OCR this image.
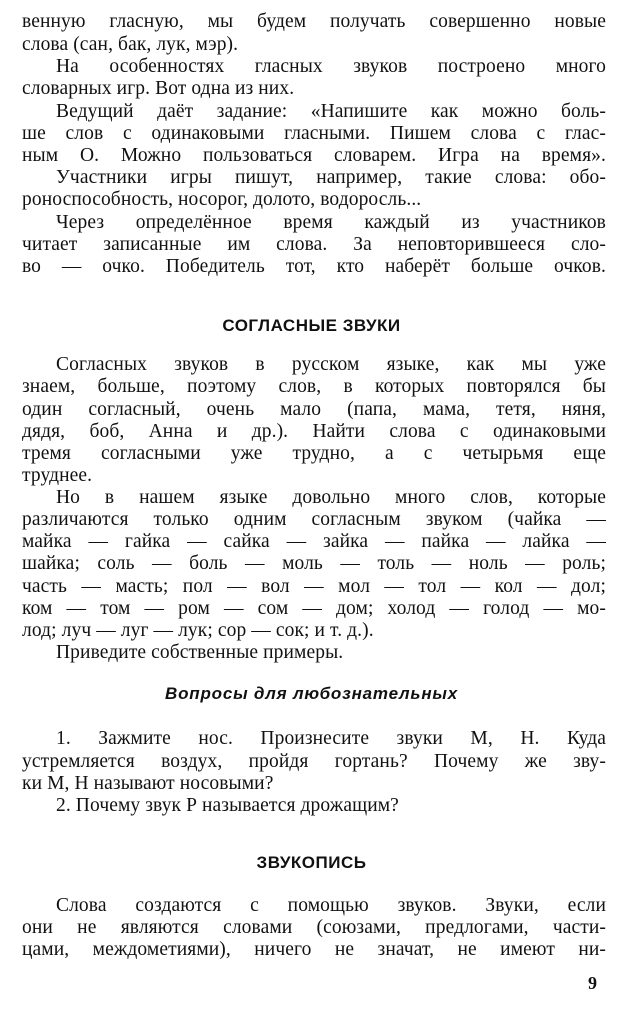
венную гласную, мы будем получать совершенно новые
слова (сан, бак, лук, мэр).
На особенностях гласных звуков построено много
словарных игр. Вот одна из них.
Ведущий даёт задание: «Напишите как можно боль-
ше слов с одинаковыми гласными. Пишем слова с глас-
ным О. Можно пользоваться словарем. Игра на время».
Участники игры пишут, например, такие слова: обо-
роноспособность, носорог, долото, водоросль...
Через определённое время каждый из участников
читает записанные им слова. За неповторившееся сло-
во — очко. Победитель тот, кто наберёт больше очков.
СОГЛАСНЫЕ ЗВУКИ
Согласных звуков в русском языке, как мы уже
знаем, больше, поэтому слов, в которых повторялся бы
один согласный, очень мало (папа, мама, тетя, няня,
дядя, боб, Анна и др.). Найти слова с одинаковыми
тремя согласными уже трудно, а с четырьмя еще
труднее.
Но в нашем языке довольно много слов, которые
различаются только одним согласным звуком (чайка —
майка — гайка — сайка — зайка — пайка — лайка —
шайка; соль — боль — моль — толь — ноль — роль;
часть — масть; пол — вол — мол — тол — кол — дол;
ком — том — ром — сом — дом; холод — голод — мо-
лод; луч — луг — лук; сор — сок; и т. д.).
Приведите собственные примеры.
Вопросы для любознательных
1. Зажмите нос. Произнесите звуки М, Н. Куда
устремляется воздух, пройдя гортань? Почему же зву-
ки М, Н называют носовыми?
2. Почему звук Р называется дрожащим?
ЗВУКОПИСЬ
Слова создаются с помощью звуков. Звуки, если
они не являются словами (союзами, предлогами, части-
цами, междометиями), ничего не значат, не имеют ни-
9
